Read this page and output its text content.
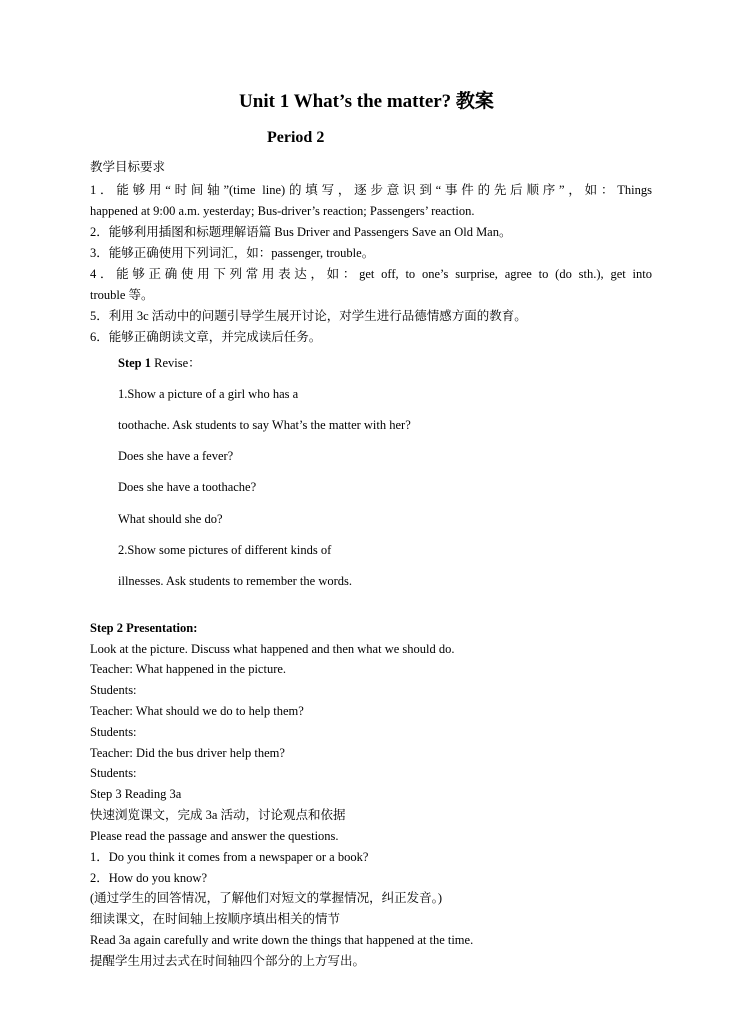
Unit 1 What’s the matter? 教案
Period 2
教学目标要求
1．能够用“时间轴”(time line)的填写，逐步意识到“事件的先后顺序”，如：Things
happened at 9:00 a.m. yesterday; Bus-driver’s reaction; Passengers’ reaction.
2．能够利用插图和标题理解语篇 Bus Driver and Passengers Save an Old Man。
3．能够正确使用下列词汇，如：passenger, trouble。
4．能够正确使用下列常用表达，如：get off, to one’s surprise, agree to (do sth.), get into
trouble 等。
5．利用 3c 活动中的问题引导学生展开讨论，对学生进行品德情感方面的教育。
6．能够正确朗读文章，并完成读后任务。
Step 1 Revise：
1.Show a picture of a girl who has a
toothache. Ask students to say What’s the matter with her?
Does she have a fever?
Does she have a toothache?
What should she do?
2.Show some pictures of different kinds of
illnesses. Ask students to remember the words.
Step 2 Presentation:
Look at the picture. Discuss what happened and then what we should do.
Teacher: What happened in the picture.
Students:
Teacher: What should we do to help them?
Students:
Teacher: Did the bus driver help them?
Students:
Step 3 Reading 3a
快速浏览课文，完成 3a 活动，讨论观点和依据
Please read the passage and answer the questions.
1．Do you think it comes from a newspaper or a book?
2．How do you know?
(通过学生的回答情况，了解他们对短文的掌握情况，纠正发音。)
细读课文，在时间轴上按顺序填出相关的情节
Read 3a again carefully and write down the things that happened at the time.
提醒学生用过去式在时间轴四个部分的上方写出。
